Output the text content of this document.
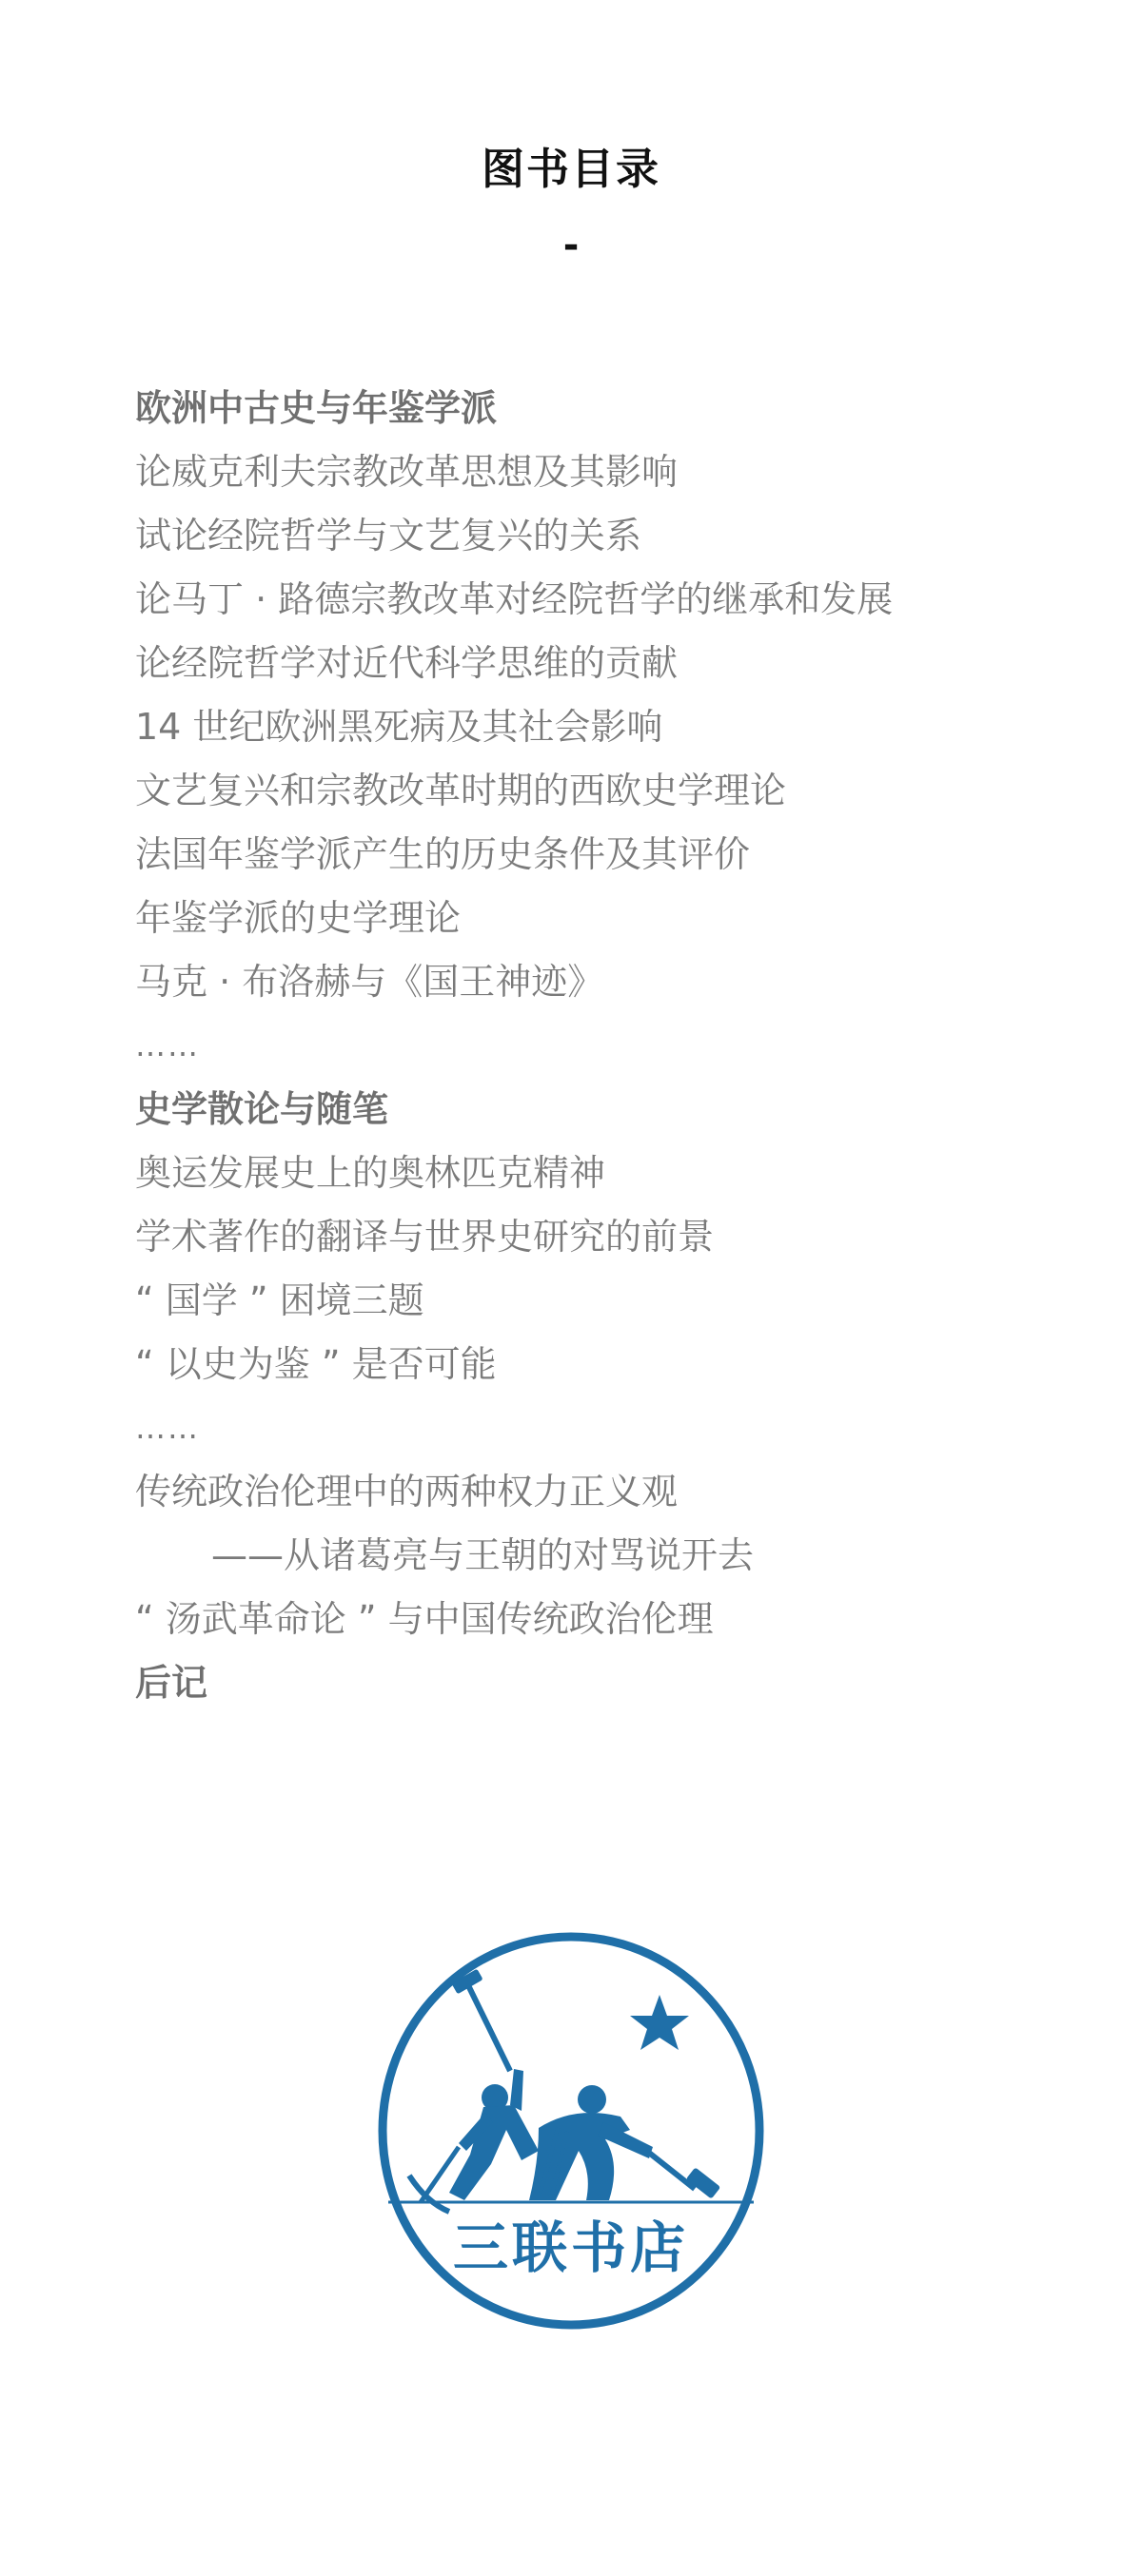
图书目录
-
欧洲中古史与年鉴学派
论威克利夫宗教改革思想及其影响
试论经院哲学与文艺复兴的关系
论马丁 · 路德宗教改革对经院哲学的继承和发展
论经院哲学对近代科学思维的贡献
14 世纪欧洲黑死病及其社会影响
文艺复兴和宗教改革时期的西欧史学理论
法国年鉴学派产生的历史条件及其评价
年鉴学派的史学理论
马克 · 布洛赫与《国王神迹》
……
史学散论与随笔
奥运发展史上的奥林匹克精神
学术著作的翻译与世界史研究的前景
“ 国学 ” 困境三题
“ 以史为鉴 ” 是否可能
……
传统政治伦理中的两种权力正义观
——从诸葛亮与王朝的对骂说开去
“ 汤武革命论 ” 与中国传统政治伦理
后记
三联书店
